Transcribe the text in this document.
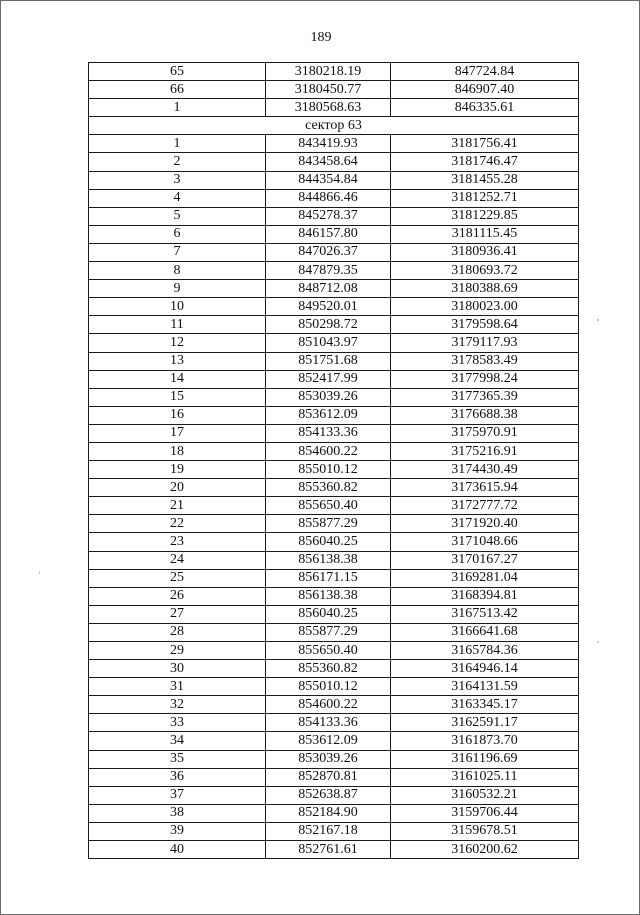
189
65	3180218.19	847724.84
66	3180450.77	846907.40
1	3180568.63	846335.61
сектор 63		
1	843419.93	3181756.41
2	843458.64	3181746.47
3	844354.84	3181455.28
4	844866.46	3181252.71
5	845278.37	3181229.85
6	846157.80	3181115.45
7	847026.37	3180936.41
8	847879.35	3180693.72
9	848712.08	3180388.69
10	849520.01	3180023.00
11	850298.72	3179598.64
12	851043.97	3179117.93
13	851751.68	3178583.49
14	852417.99	3177998.24
15	853039.26	3177365.39
16	853612.09	3176688.38
17	854133.36	3175970.91
18	854600.22	3175216.91
19	855010.12	3174430.49
20	855360.82	3173615.94
21	855650.40	3172777.72
22	855877.29	3171920.40
23	856040.25	3171048.66
24	856138.38	3170167.27
25	856171.15	3169281.04
26	856138.38	3168394.81
27	856040.25	3167513.42
28	855877.29	3166641.68
29	855650.40	3165784.36
30	855360.82	3164946.14
31	855010.12	3164131.59
32	854600.22	3163345.17
33	854133.36	3162591.17
34	853612.09	3161873.70
35	853039.26	3161196.69
36	852870.81	3161025.11
37	852638.87	3160532.21
38	852184.90	3159706.44
39	852167.18	3159678.51
40	852761.61	3160200.62
